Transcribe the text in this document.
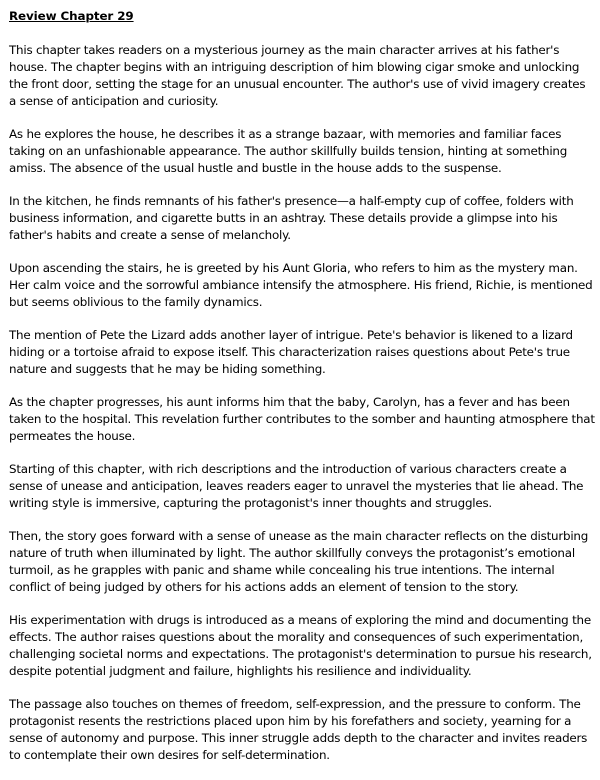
Review Chapter 29

This chapter takes readers on a mysterious journey as the main character arrives at his father's house. The chapter begins with an intriguing description of him blowing cigar smoke and unlocking the front door, setting the stage for an unusual encounter. The author's use of vivid imagery creates a sense of anticipation and curiosity.

As he explores the house, he describes it as a strange bazaar, with memories and familiar faces taking on an unfashionable appearance. The author skillfully builds tension, hinting at something amiss. The absence of the usual hustle and bustle in the house adds to the suspense.

In the kitchen, he finds remnants of his father's presence—a half-empty cup of coffee, folders with business information, and cigarette butts in an ashtray. These details provide a glimpse into his father's habits and create a sense of melancholy.

Upon ascending the stairs, he is greeted by his Aunt Gloria, who refers to him as the mystery man. Her calm voice and the sorrowful ambiance intensify the atmosphere. His friend, Richie, is mentioned but seems oblivious to the family dynamics.

The mention of Pete the Lizard adds another layer of intrigue. Pete's behavior is likened to a lizard hiding or a tortoise afraid to expose itself. This characterization raises questions about Pete's true nature and suggests that he may be hiding something.

As the chapter progresses, his aunt informs him that the baby, Carolyn, has a fever and has been taken to the hospital. This revelation further contributes to the somber and haunting atmosphere that permeates the house.

Starting of this chapter, with rich descriptions and the introduction of various characters create a sense of unease and anticipation, leaves readers eager to unravel the mysteries that lie ahead. The writing style is immersive, capturing the protagonist's inner thoughts and struggles.

Then, the story goes forward with a sense of unease as the main character reflects on the disturbing nature of truth when illuminated by light. The author skillfully conveys the protagonist’s emotional turmoil, as he grapples with panic and shame while concealing his true intentions. The internal conflict of being judged by others for his actions adds an element of tension to the story.

His experimentation with drugs is introduced as a means of exploring the mind and documenting the effects. The author raises questions about the morality and consequences of such experimentation, challenging societal norms and expectations. The protagonist's determination to pursue his research, despite potential judgment and failure, highlights his resilience and individuality.

The passage also touches on themes of freedom, self-expression, and the pressure to conform. The protagonist resents the restrictions placed upon him by his forefathers and society, yearning for a sense of autonomy and purpose. This inner struggle adds depth to the character and invites readers to contemplate their own desires for self-determination.
